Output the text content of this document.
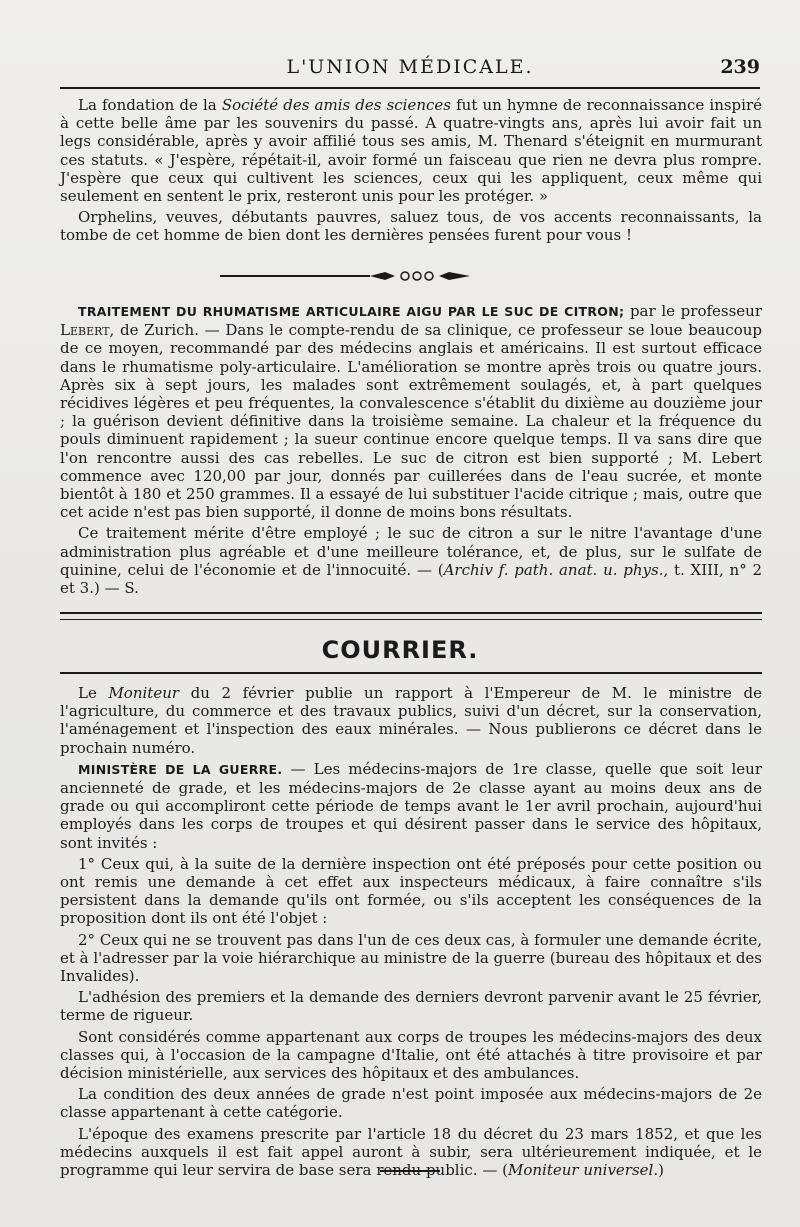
L'UNION MÉDICALE.	239

La fondation de la Société des amis des sciences fut un hymne de reconnaissance inspiré à cette belle âme par les souvenirs du passé. A quatre-vingts ans, après lui avoir fait un legs considérable, après y avoir affilié tous ses amis, M. Thenard s'éteignit en murmurant ces statuts. « J'espère, répétait-il, avoir formé un faisceau que rien ne devra plus rompre. J'espère que ceux qui cultivent les sciences, ceux qui les appliquent, ceux même qui seulement en sentent le prix, resteront unis pour les protéger. »

Orphelins, veuves, débutants pauvres, saluez tous, de vos accents reconnaissants, la tombe de cet homme de bien dont les dernières pensées furent pour vous !

TRAITEMENT DU RHUMATISME ARTICULAIRE AIGU PAR LE SUC DE CITRON; par le professeur Lebert, de Zurich. — Dans le compte-rendu de sa clinique, ce professeur se loue beaucoup de ce moyen, recommandé par des médecins anglais et américains. Il est surtout efficace dans le rhumatisme poly-articulaire. L'amélioration se montre après trois ou quatre jours. Après six à sept jours, les malades sont extrêmement soulagés, et, à part quelques récidives légères et peu fréquentes, la convalescence s'établit du dixième au douzième jour ; la guérison devient définitive dans la troisième semaine. La chaleur et la fréquence du pouls diminuent rapidement ; la sueur continue encore quelque temps. Il va sans dire que l'on rencontre aussi des cas rebelles. Le suc de citron est bien supporté ; M. Lebert commence avec 120,00 par jour, donnés par cuillerées dans de l'eau sucrée, et monte bientôt à 180 et 250 grammes. Il a essayé de lui substituer l'acide citrique ; mais, outre que cet acide n'est pas bien supporté, il donne de moins bons résultats.

Ce traitement mérite d'être employé ; le suc de citron a sur le nitre l'avantage d'une administration plus agréable et d'une meilleure tolérance, et, de plus, sur le sulfate de quinine, celui de l'économie et de l'innocuité. — (Archiv f. path. anat. u. phys., t. XIII, n° 2 et 3.) — S.

COURRIER.

Le Moniteur du 2 février publie un rapport à l'Empereur de M. le ministre de l'agriculture, du commerce et des travaux publics, suivi d'un décret, sur la conservation, l'aménagement et l'inspection des eaux minérales. — Nous publierons ce décret dans le prochain numéro.

MINISTÈRE DE LA GUERRE. — Les médecins-majors de 1re classe, quelle que soit leur ancienneté de grade, et les médecins-majors de 2e classe ayant au moins deux ans de grade ou qui accompliront cette période de temps avant le 1er avril prochain, aujourd'hui employés dans les corps de troupes et qui désirent passer dans le service des hôpitaux, sont invités :

1° Ceux qui, à la suite de la dernière inspection ont été préposés pour cette position ou ont remis une demande à cet effet aux inspecteurs médicaux, à faire connaître s'ils persistent dans la demande qu'ils ont formée, ou s'ils acceptent les conséquences de la proposition dont ils ont été l'objet :

2° Ceux qui ne se trouvent pas dans l'un de ces deux cas, à formuler une demande écrite, et à l'adresser par la voie hiérarchique au ministre de la guerre (bureau des hôpitaux et des Invalides).

L'adhésion des premiers et la demande des derniers devront parvenir avant le 25 février, terme de rigueur.

Sont considérés comme appartenant aux corps de troupes les médecins-majors des deux classes qui, à l'occasion de la campagne d'Italie, ont été attachés à titre provisoire et par décision ministérielle, aux services des hôpitaux et des ambulances.

La condition des deux années de grade n'est point imposée aux médecins-majors de 2e classe appartenant à cette catégorie.

L'époque des examens prescrite par l'article 18 du décret du 23 mars 1852, et que les médecins auxquels il est fait appel auront à subir, sera ultérieurement indiquée, et le programme qui leur servira de base sera rendu public. — (Moniteur universel.)
